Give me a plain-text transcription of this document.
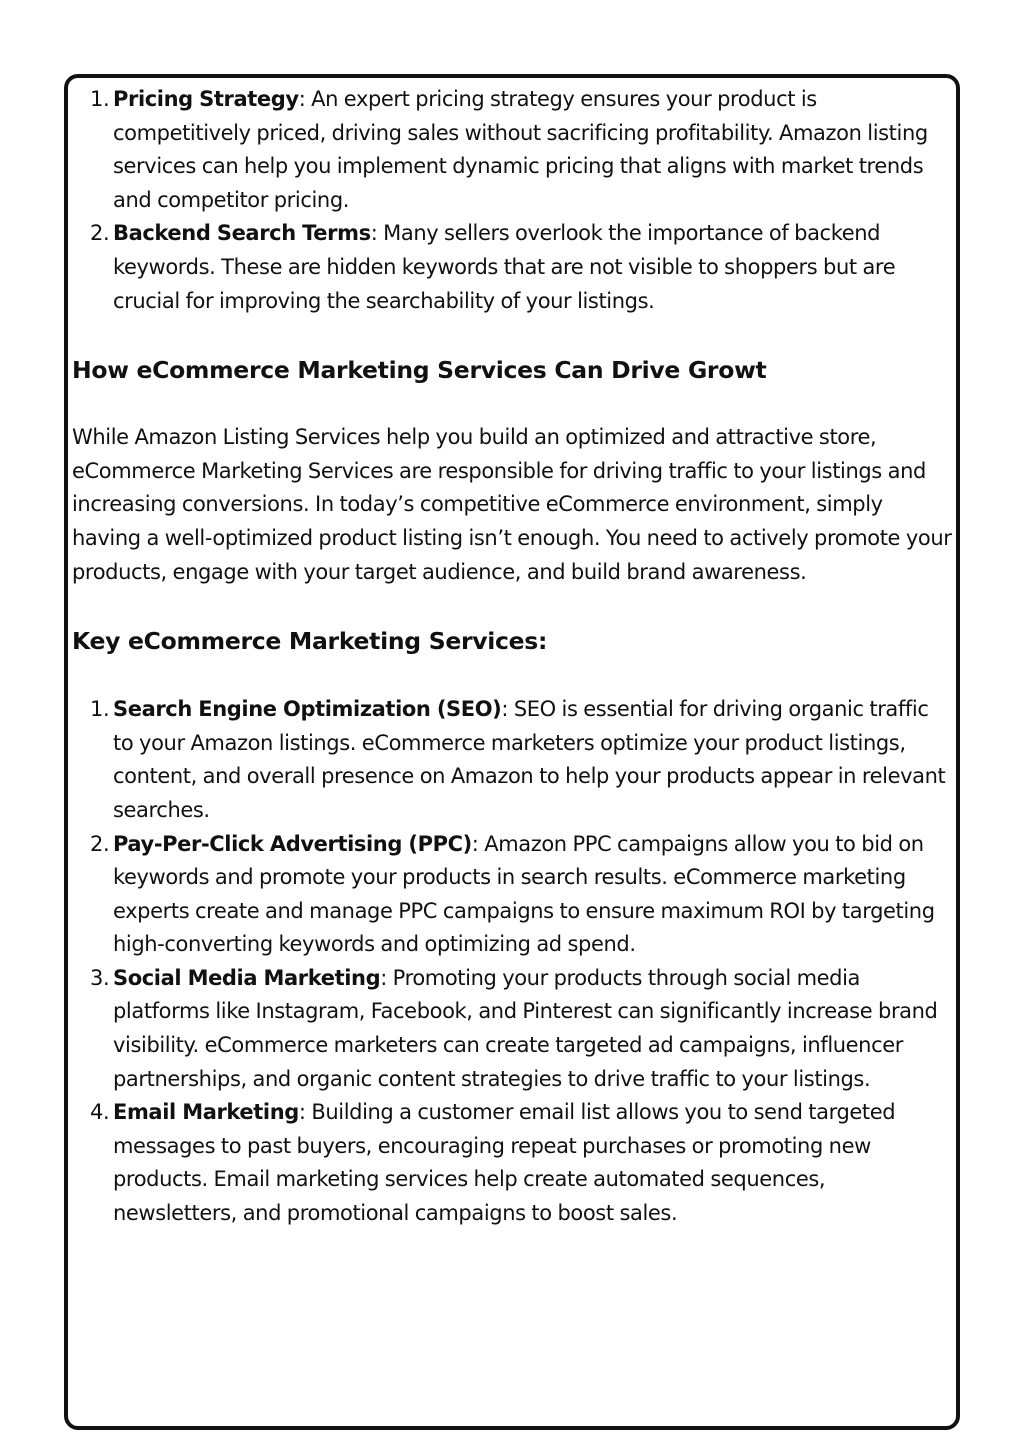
1. Pricing Strategy: An expert pricing strategy ensures your product is competitively priced, driving sales without sacrificing profitability. Amazon listing services can help you implement dynamic pricing that aligns with market trends and competitor pricing.
2. Backend Search Terms: Many sellers overlook the importance of backend keywords. These are hidden keywords that are not visible to shoppers but are crucial for improving the searchability of your listings.
How eCommerce Marketing Services Can Drive Growt

While Amazon Listing Services help you build an optimized and attractive store, eCommerce Marketing Services are responsible for driving traffic to your listings and increasing conversions. In today’s competitive eCommerce environment, simply having a well-optimized product listing isn’t enough. You need to actively promote your products, engage with your target audience, and build brand awareness.

Key eCommerce Marketing Services:
1. Search Engine Optimization (SEO): SEO is essential for driving organic traffic to your Amazon listings. eCommerce marketers optimize your product listings, content, and overall presence on Amazon to help your products appear in relevant searches.
2. Pay-Per-Click Advertising (PPC): Amazon PPC campaigns allow you to bid on keywords and promote your products in search results. eCommerce marketing experts create and manage PPC campaigns to ensure maximum ROI by targeting high-converting keywords and optimizing ad spend.
3. Social Media Marketing: Promoting your products through social media platforms like Instagram, Facebook, and Pinterest can significantly increase brand visibility. eCommerce marketers can create targeted ad campaigns, influencer partnerships, and organic content strategies to drive traffic to your listings.
4. Email Marketing: Building a customer email list allows you to send targeted messages to past buyers, encouraging repeat purchases or promoting new products. Email marketing services help create automated sequences, newsletters, and promotional campaigns to boost sales.
